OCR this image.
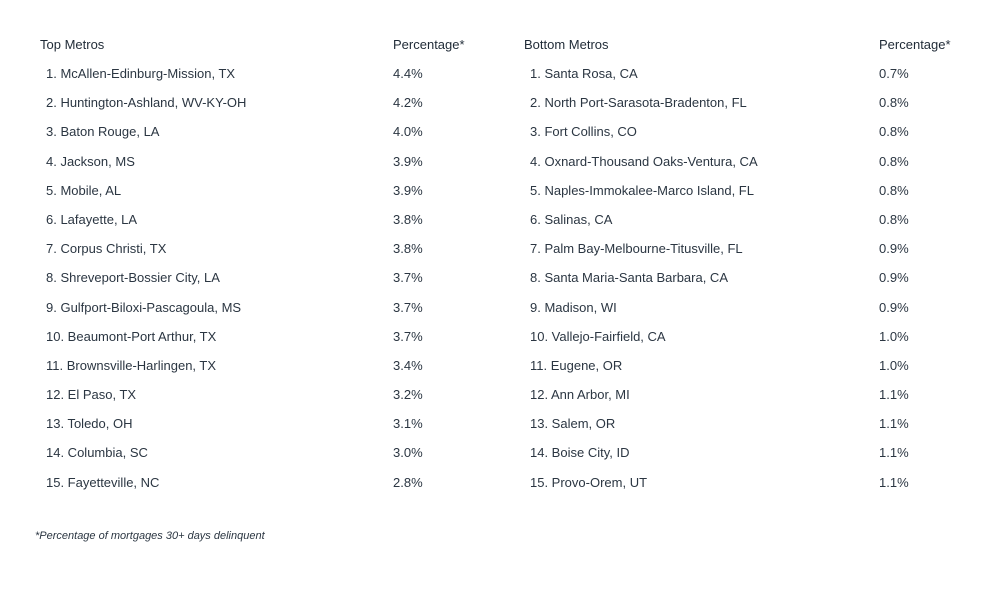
Top Metros	Percentage*	Bottom Metros	Percentage*
1. McAllen-Edinburg-Mission, TX	4.4%	1. Santa Rosa, CA	0.7%
2. Huntington-Ashland, WV-KY-OH	4.2%	2. North Port-Sarasota-Bradenton, FL	0.8%
3. Baton Rouge, LA	4.0%	3. Fort Collins, CO	0.8%
4. Jackson, MS	3.9%	4. Oxnard-Thousand Oaks-Ventura, CA	0.8%
5. Mobile, AL	3.9%	5. Naples-Immokalee-Marco Island, FL	0.8%
6. Lafayette, LA	3.8%	6. Salinas, CA	0.8%
7. Corpus Christi, TX	3.8%	7. Palm Bay-Melbourne-Titusville, FL	0.9%
8. Shreveport-Bossier City, LA	3.7%	8. Santa Maria-Santa Barbara, CA	0.9%
9. Gulfport-Biloxi-Pascagoula, MS	3.7%	9. Madison, WI	0.9%
10. Beaumont-Port Arthur, TX	3.7%	10. Vallejo-Fairfield, CA	1.0%
11. Brownsville-Harlingen, TX	3.4%	11. Eugene, OR	1.0%
12. El Paso, TX	3.2%	12. Ann Arbor, MI	1.1%
13. Toledo, OH	3.1%	13. Salem, OR	1.1%
14. Columbia, SC	3.0%	14. Boise City, ID	1.1%
15. Fayetteville, NC	2.8%	15. Provo-Orem, UT	1.1%
*Percentage of mortgages 30+ days delinquent
